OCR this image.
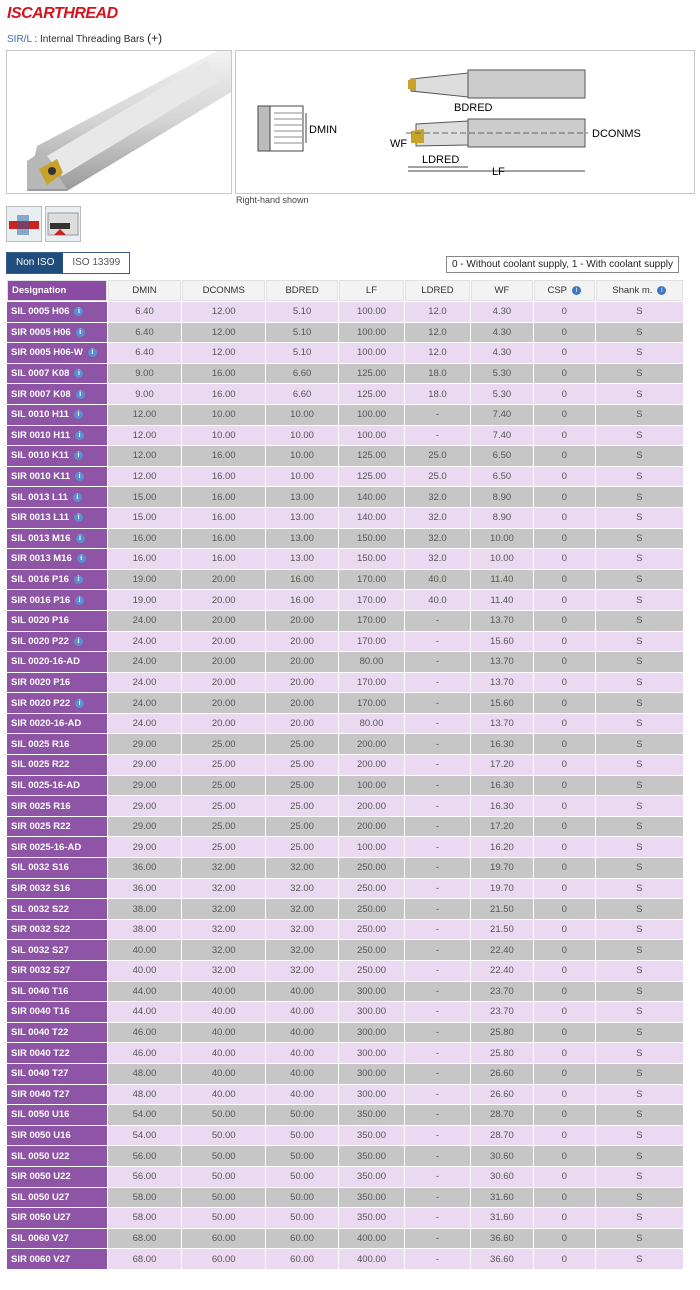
ISCARTHREAD
SIR/L : Internal Threading Bars (+)
DMIN
BDRED
DCONMS
WF
LDRED
LF
Right-hand shown
Non ISO	ISO 13399	0 - Without coolant supply, 1 - With coolant supply
Designation	DMIN	DCONMS	BDRED	LF	LDRED	WF	CSP i	Shank m. i
SIL 0005 H06 i	6.40	12.00	5.10	100.00	12.0	4.30	0	S
SIR 0005 H06 i	6.40	12.00	5.10	100.00	12.0	4.30	0	S
SIR 0005 H06-W i	6.40	12.00	5.10	100.00	12.0	4.30	0	S
SIL 0007 K08 i	9.00	16.00	6.60	125.00	18.0	5.30	0	S
SIR 0007 K08 i	9.00	16.00	6.60	125.00	18.0	5.30	0	S
SIL 0010 H11 i	12.00	10.00	10.00	100.00	-	7.40	0	S
SIR 0010 H11 i	12.00	10.00	10.00	100.00	-	7.40	0	S
SIL 0010 K11 i	12.00	16.00	10.00	125.00	25.0	6.50	0	S
SIR 0010 K11 i	12.00	16.00	10.00	125.00	25.0	6.50	0	S
SIL 0013 L11 i	15.00	16.00	13.00	140.00	32.0	8.90	0	S
SIR 0013 L11 i	15.00	16.00	13.00	140.00	32.0	8.90	0	S
SIL 0013 M16 i	16.00	16.00	13.00	150.00	32.0	10.00	0	S
SIR 0013 M16 i	16.00	16.00	13.00	150.00	32.0	10.00	0	S
SIL 0016 P16 i	19.00	20.00	16.00	170.00	40.0	11.40	0	S
SIR 0016 P16 i	19.00	20.00	16.00	170.00	40.0	11.40	0	S
SIL 0020 P16	24.00	20.00	20.00	170.00	-	13.70	0	S
SIL 0020 P22 i	24.00	20.00	20.00	170.00	-	15.60	0	S
SIL 0020-16-AD	24.00	20.00	20.00	80.00	-	13.70	0	S
SIR 0020 P16	24.00	20.00	20.00	170.00	-	13.70	0	S
SIR 0020 P22 i	24.00	20.00	20.00	170.00	-	15.60	0	S
SIR 0020-16-AD	24.00	20.00	20.00	80.00	-	13.70	0	S
SIL 0025 R16	29.00	25.00	25.00	200.00	-	16.30	0	S
SIL 0025 R22	29.00	25.00	25.00	200.00	-	17.20	0	S
SIL 0025-16-AD	29.00	25.00	25.00	100.00	-	16.30	0	S
SIR 0025 R16	29.00	25.00	25.00	200.00	-	16.30	0	S
SIR 0025 R22	29.00	25.00	25.00	200.00	-	17.20	0	S
SIR 0025-16-AD	29.00	25.00	25.00	100.00	-	16.20	0	S
SIL 0032 S16	36.00	32.00	32.00	250.00	-	19.70	0	S
SIR 0032 S16	36.00	32.00	32.00	250.00	-	19.70	0	S
SIL 0032 S22	38.00	32.00	32.00	250.00	-	21.50	0	S
SIR 0032 S22	38.00	32.00	32.00	250.00	-	21.50	0	S
SIL 0032 S27	40.00	32.00	32.00	250.00	-	22.40	0	S
SIR 0032 S27	40.00	32.00	32.00	250.00	-	22.40	0	S
SIL 0040 T16	44.00	40.00	40.00	300.00	-	23.70	0	S
SIR 0040 T16	44.00	40.00	40.00	300.00	-	23.70	0	S
SIL 0040 T22	46.00	40.00	40.00	300.00	-	25.80	0	S
SIR 0040 T22	46.00	40.00	40.00	300.00	-	25.80	0	S
SIL 0040 T27	48.00	40.00	40.00	300.00	-	26.60	0	S
SIR 0040 T27	48.00	40.00	40.00	300.00	-	26.60	0	S
SIL 0050 U16	54.00	50.00	50.00	350.00	-	28.70	0	S
SIR 0050 U16	54.00	50.00	50.00	350.00	-	28.70	0	S
SIL 0050 U22	56.00	50.00	50.00	350.00	-	30.60	0	S
SIR 0050 U22	56.00	50.00	50.00	350.00	-	30.60	0	S
SIL 0050 U27	58.00	50.00	50.00	350.00	-	31.60	0	S
SIR 0050 U27	58.00	50.00	50.00	350.00	-	31.60	0	S
SIL 0060 V27	68.00	60.00	60.00	400.00	-	36.60	0	S
SIR 0060 V27	68.00	60.00	60.00	400.00	-	36.60	0	S
